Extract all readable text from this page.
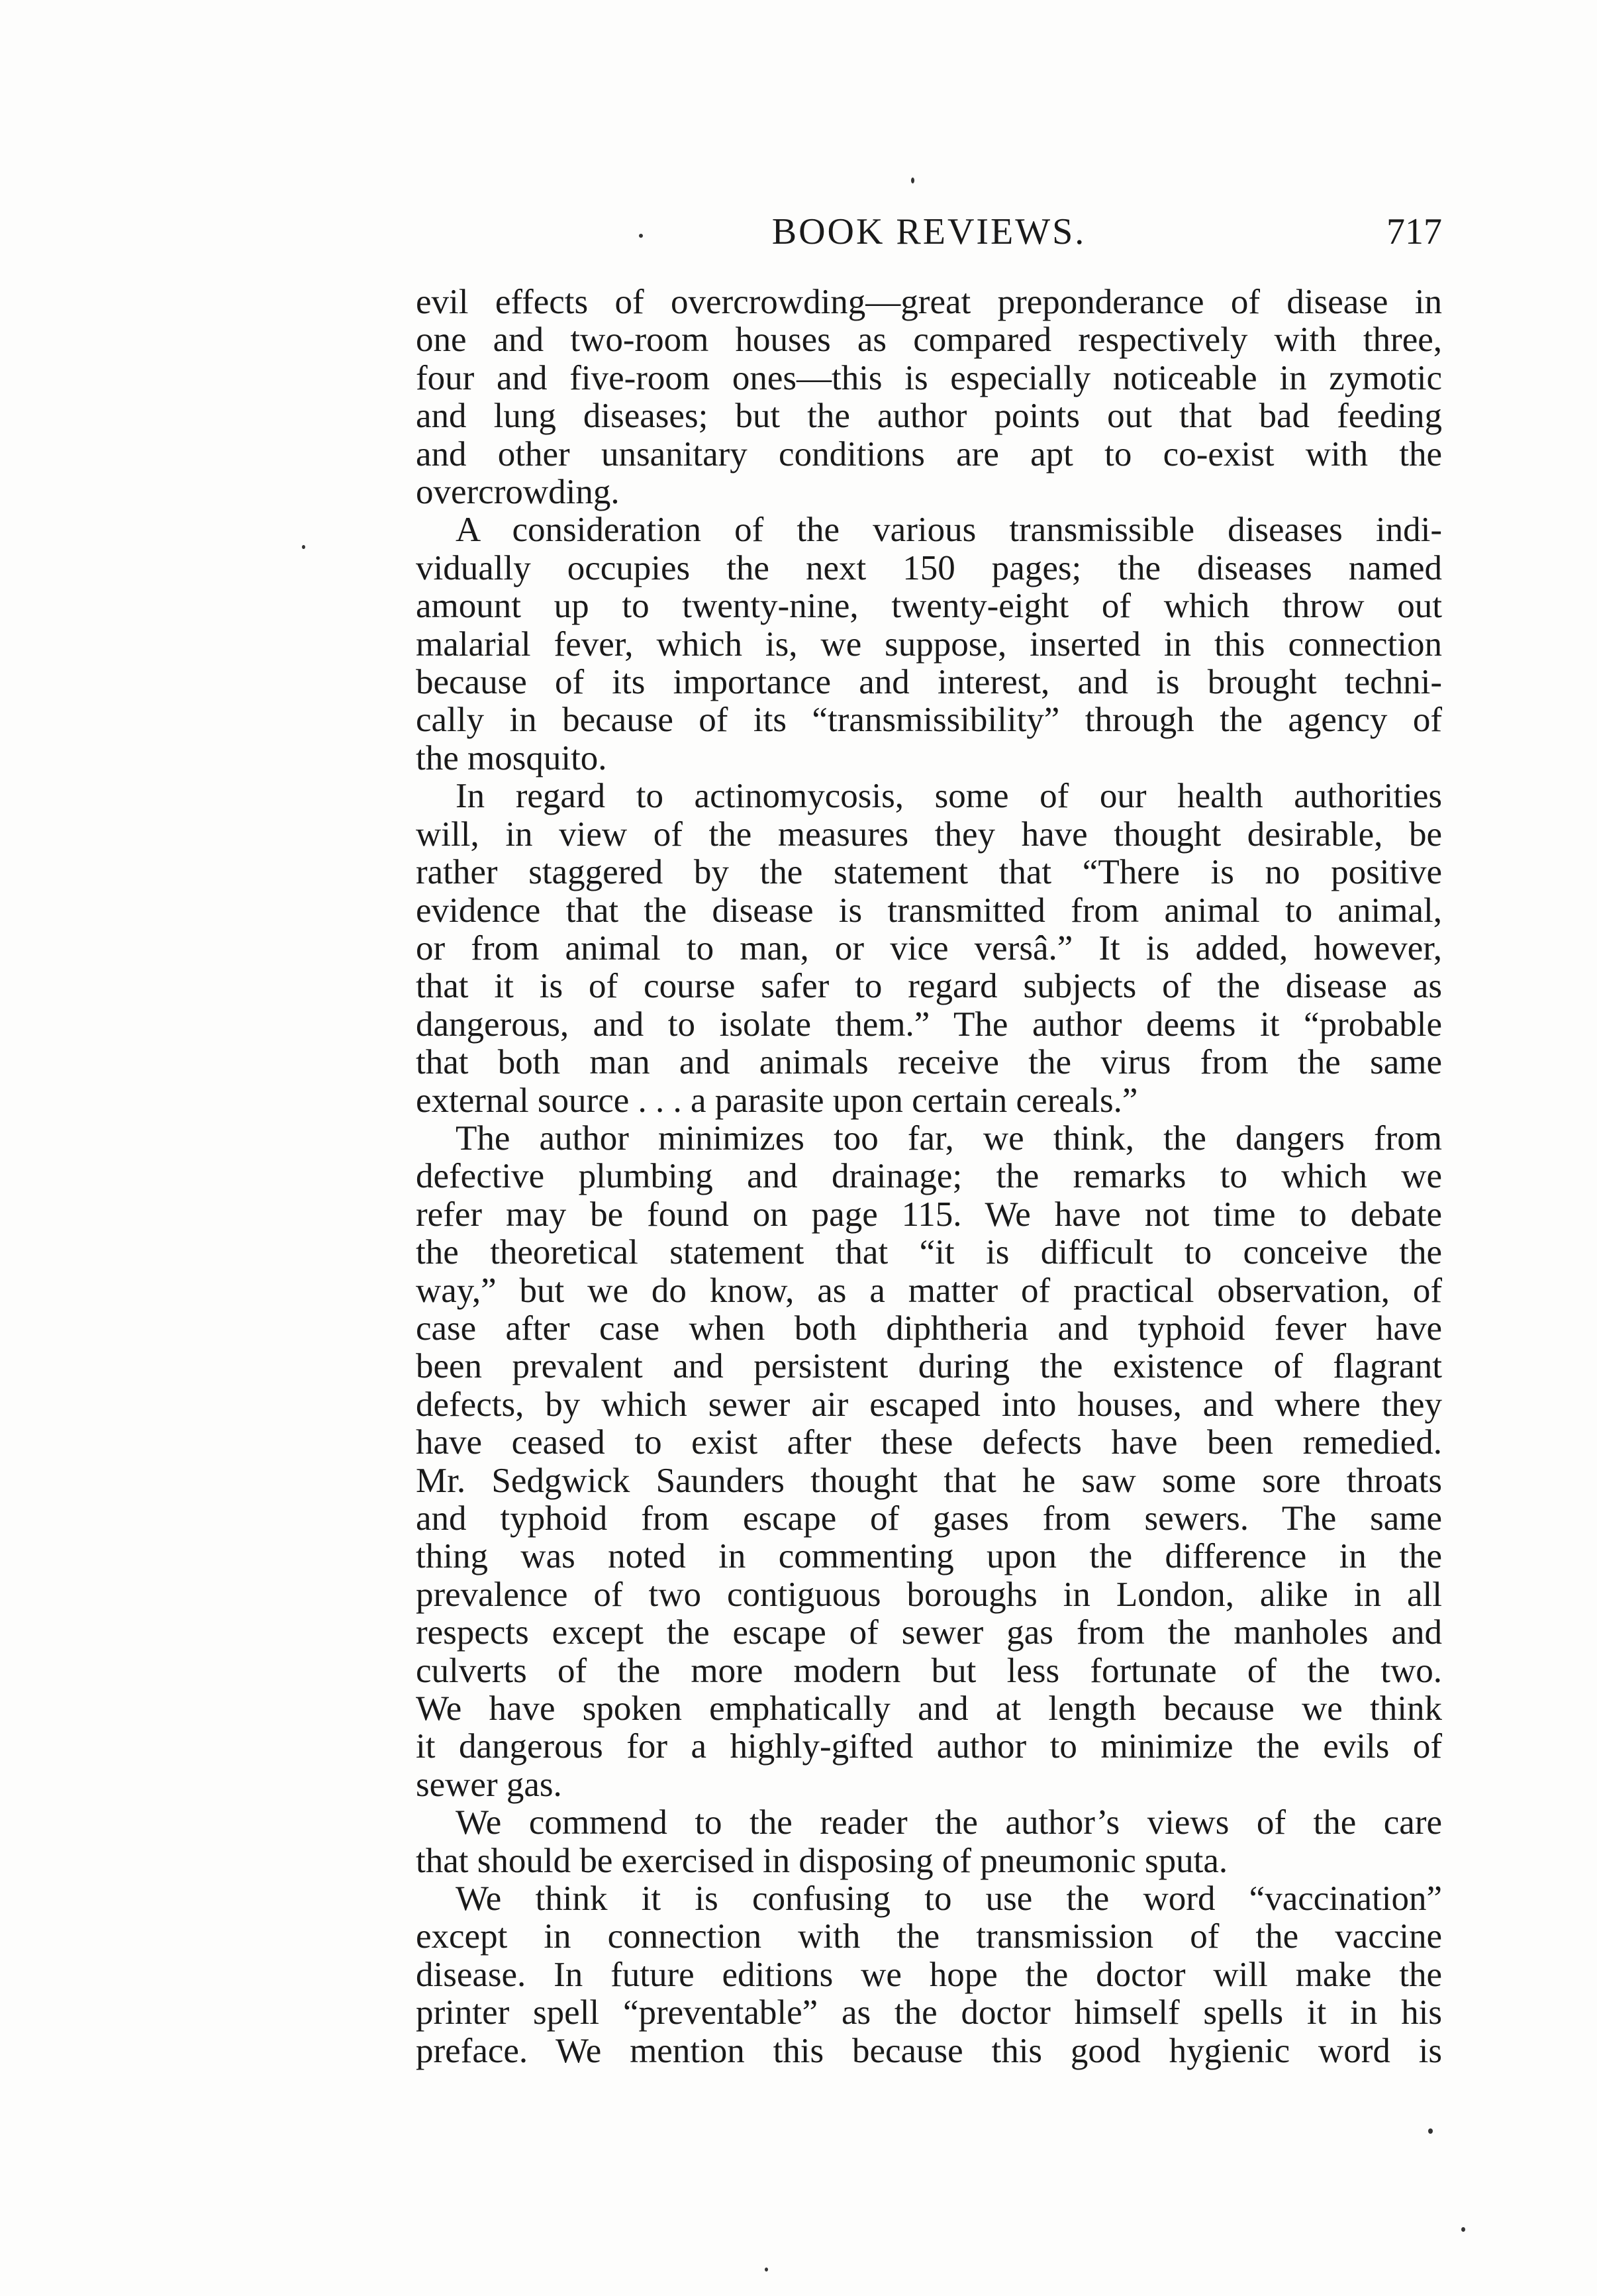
BOOK REVIEWS.	717
evil effects of overcrowding—great preponderance of disease in
one and two-room houses as compared respectively with three,
four and five-room ones—this is especially noticeable in zymotic
and lung diseases; but the author points out that bad feeding
and other unsanitary conditions are apt to co-exist with the
overcrowding.
A consideration of the various transmissible diseases indi-
vidually occupies the next 150 pages; the diseases named
amount up to twenty-nine, twenty-eight of which throw out
malarial fever, which is, we suppose, inserted in this connection
because of its importance and interest, and is brought techni-
cally in because of its “transmissibility” through the agency of
the mosquito.
In regard to actinomycosis, some of our health authorities
will, in view of the measures they have thought desirable, be
rather staggered by the statement that “There is no positive
evidence that the disease is transmitted from animal to animal,
or from animal to man, or vice versâ.” It is added, however,
that it is of course safer to regard subjects of the disease as
dangerous, and to isolate them.” The author deems it “probable
that both man and animals receive the virus from the same
external source . . . a parasite upon certain cereals.”
The author minimizes too far, we think, the dangers from
defective plumbing and drainage; the remarks to which we
refer may be found on page 115. We have not time to debate
the theoretical statement that “it is difficult to conceive the
way,” but we do know, as a matter of practical observation, of
case after case when both diphtheria and typhoid fever have
been prevalent and persistent during the existence of flagrant
defects, by which sewer air escaped into houses, and where they
have ceased to exist after these defects have been remedied.
Mr. Sedgwick Saunders thought that he saw some sore throats
and typhoid from escape of gases from sewers. The same
thing was noted in commenting upon the difference in the
prevalence of two contiguous boroughs in London, alike in all
respects except the escape of sewer gas from the manholes and
culverts of the more modern but less fortunate of the two.
We have spoken emphatically and at length because we think
it dangerous for a highly-gifted author to minimize the evils of
sewer gas.
We commend to the reader the author’s views of the care
that should be exercised in disposing of pneumonic sputa.
We think it is confusing to use the word “vaccination”
except in connection with the transmission of the vaccine
disease. In future editions we hope the doctor will make the
printer spell “preventable” as the doctor himself spells it in his
preface. We mention this because this good hygienic word is
